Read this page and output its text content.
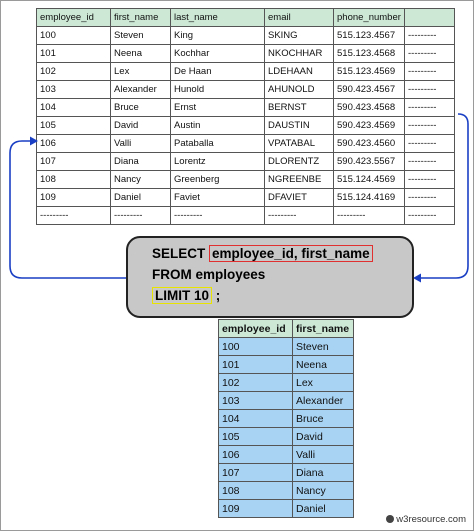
employee_id	first_name	last_name	email	phone_number	
100	Steven	King	SKING	515.123.4567	---------
101	Neena	Kochhar	NKOCHHAR	515.123.4568	---------
102	Lex	De Haan	LDEHAAN	515.123.4569	---------
103	Alexander	Hunold	AHUNOLD	590.423.4567	---------
104	Bruce	Ernst	BERNST	590.423.4568	---------
105	David	Austin	DAUSTIN	590.423.4569	---------
106	Valli	Pataballa	VPATABAL	590.423.4560	---------
107	Diana	Lorentz	DLORENTZ	590.423.5567	---------
108	Nancy	Greenberg	NGREENBE	515.124.4569	---------
109	Daniel	Faviet	DFAVIET	515.124.4169	---------
---------	---------	---------	---------	---------	---------
SELECT employee_id, first_name
FROM employees
LIMIT 10 ;
employee_id	first_name
100	Steven
101	Neena
102	Lex
103	Alexander
104	Bruce
105	David
106	Valli
107	Diana
108	Nancy
109	Daniel
w3resource.com
